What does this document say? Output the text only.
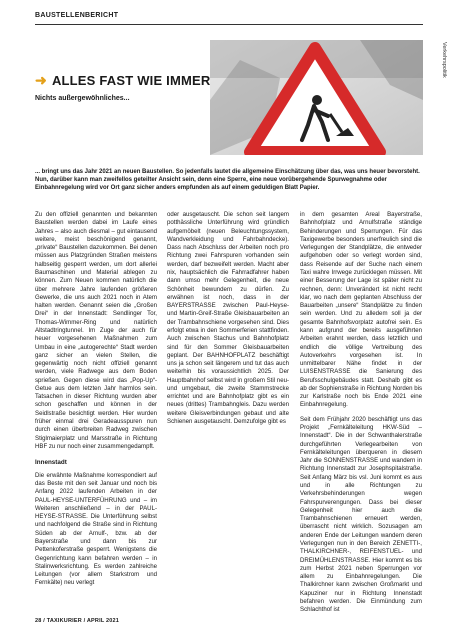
BAUSTELLENBERICHT
Verkehrspolitik
➜ ALLES FAST WIE IMMER
Nichts außergewöhnliches...
... bringt uns das Jahr 2021 an neuen Baustellen. So jedenfalls lautet die allgemeine Einschätzung über das, was uns heuer bevorsteht. Nun, darüber kann man zweifellos geteilter Ansicht sein, denn eine Sperre, eine neue vorübergehende Spurwegnahme oder Einbahnregelung wird vor Ort ganz sicher anders empfunden als auf einem geduldigen Blatt Papier.

Zu den offiziell genannten und bekannten Baustellen werden dabei im Laufe eines Jahres – also auch diesmal – gut eintausend weitere, meist beschönigend genannt, „private“ Baustellen dazukommen. Bei denen müssen aus Platzgründen Straßen meistens halbseitig gesperrt werden, um dort allerlei Baumaschinen und Material ablegen zu können. Zum Neuen kommen natürlich die über mehrere Jahre laufenden größeren Gewerke, die uns auch 2021 noch in Atem halten werden. Genannt seien die „Großen Drei“ in der Innenstadt: Sendlinger Tor, Thomas-Wimmer-Ring und natürlich Altstadtringtunnel. Im Zuge der auch für heuer vorgesehenen Maßnahmen zum Umbau in eine „autogerechte“ Stadt werden ganz sicher an vielen Stellen, die gegenwärtig noch nicht offiziell genannt werden, viele Radwege aus dem Boden sprießen. Gegen diese wird das „Pop-Up“-Getue aus dem letzten Jahr harmlos sein. Tatsachen in dieser Richtung wurden aber schon geschaffen und können in der Seidlstraße besichtigt werden. Hier wurden früher einmal drei Geradeausspuren nun durch einen überbreiten Radweg zwischen Stiglmaierplatz und Marsstraße in Richtung HBF zu nur noch einer zusammengedampft.

Innenstadt

Die erwähnte Maßnahme korrespondiert auf das Beste mit den seit Januar und noch bis Anfang 2022 laufenden Arbeiten in der PAUL-HEYSE-UNTERFÜHRUNG und – im Weiteren anschließend – in der PAUL-HEYSE-STRASSE. Die Unterführung selbst und nachfolgend die Straße sind in Richtung Süden ab der Arnulf-, bzw. ab der Bayerstraße und dann bis zur Pettenkoferstraße gesperrt. Wenigstens die Gegenrichtung kann befahren werden – in Stalinwerksrichtung. Es werden zahlreiche Leitungen (vor allem Starkstrom und Fernkälte) neu verlegt

oder ausgetauscht. Die schon seit langem potthässliche Unterführung wird gründlich aufgemöbelt (neuen Beleuchtungssystem, Wandverkleidung und Fahrbahndecke). Dass nach Abschluss der Arbeiten noch pro Richtung zwei Fahrspuren vorhanden sein werden, darf bezweifelt werden. Macht aber nix, hauptsächlich die Fahrradfahrer haben dann umso mehr Gelegenheit, die neue Schönheit bewundern zu dürfen. Zu erwähnen ist noch, dass in der BAYERSTRASSE zwischen Paul-Heyse- und Martin-Greif-Straße Gleisbauarbeiten an der Trambahnschiene vorgesehen sind. Dies erfolgt etwa in den Sommerferien stattfinden. Auch zwischen Stachus und Bahnhofplatz sind für den Sommer Gleisbauarbeiten geplant. Der BAHNHOFPLATZ beschäftigt uns ja schon seit längerem und tut das auch weiterhin bis voraussichtlich 2025. Der Hauptbahnhof selbst wird in großem Stil neu- und umgebaut, die zweite Stammstrecke errichtet und are Bahnhofplatz gibt es ein neues (drittes) Trambahngleis. Dazu werden weitere Gleisverbindungen gebaut und alte Schienen ausgetauscht. Demzufolge gibt es

in dem gesamten Areal Bayerstraße, Bahnhofplatz und Arnulfstraße ständige Behinderungen und Sperrungen. Für das Taxigewerbe besonders unerfreulich sind die Verlegungen der Standplätze, die entweder aufgehoben oder so verlegt worden sind, dass Reisende auf der Suche nach einem Taxi wahre Irrwege zurücklegen müssen. Mit einer Besserung der Lage ist später nicht zu rechnen, denn: Unverändert ist nicht recht klar, wo nach dem geplanten Abschluss der Bauarbeiten „unsere“ Standplätze zu finden sein werden. Und zu alledem soll ja der gesamte Bahnhofsvorplatz autofrei sein. Es kann aufgrund der bereits ausgeführten Arbeiten erahnt werden, dass letztlich und endlich die völlige Vertreibung des Autoverkehrs vorgesehen ist. In unmittelbarer Nähe findet in der LUISENSTRASSE die Sanierung des Berufsschulgebäudes statt. Deshalb gibt es ab der Sophienstraße in Richtung Norden bis zur Karlstraße noch bis Ende 2021 eine Einbahnregelung.

Seit dem Frühjahr 2020 beschäftigt uns das Projekt „Fernkälteleitung HKW-Süd – Innenstadt“. Die in der Schwanthalerstraße durchgeführten Verlegearbeiten von Fernkälteleitungen überqueren in diesem Jahr die SONNENSTRASSE und wandern in Richtung Innenstadt zur Josephspitalstraße. Seit Anfang März bis vsl. Juni kommt es aus und in alle Richtungen zu Verkehrsbehinderungen wegen Fahrspurverengungen. Dass bei dieser Gelegenheit hier auch die Trambahnschienen erneuert werden, überrascht nicht wirklich. Sozusagen am anderen Ende der Leitungen wandern deren Verlegungen nun in den Bereich ZENETTI-, THALKIRCHNER-, REIFENSTUEL- und DREIMÜHLENSTRASSE. Hier kommt es bis zum Herbst 2021 neben Sperrungen vor allem zu Einbahnregelungen. Die Thalkirchner kann zwischen Großmarkt und Kapuziner nur in Richtung Innenstadt befahren werden. Die Einmündung zum Schlachthof ist

28 / TAXIKURIER / APRIL 2021
